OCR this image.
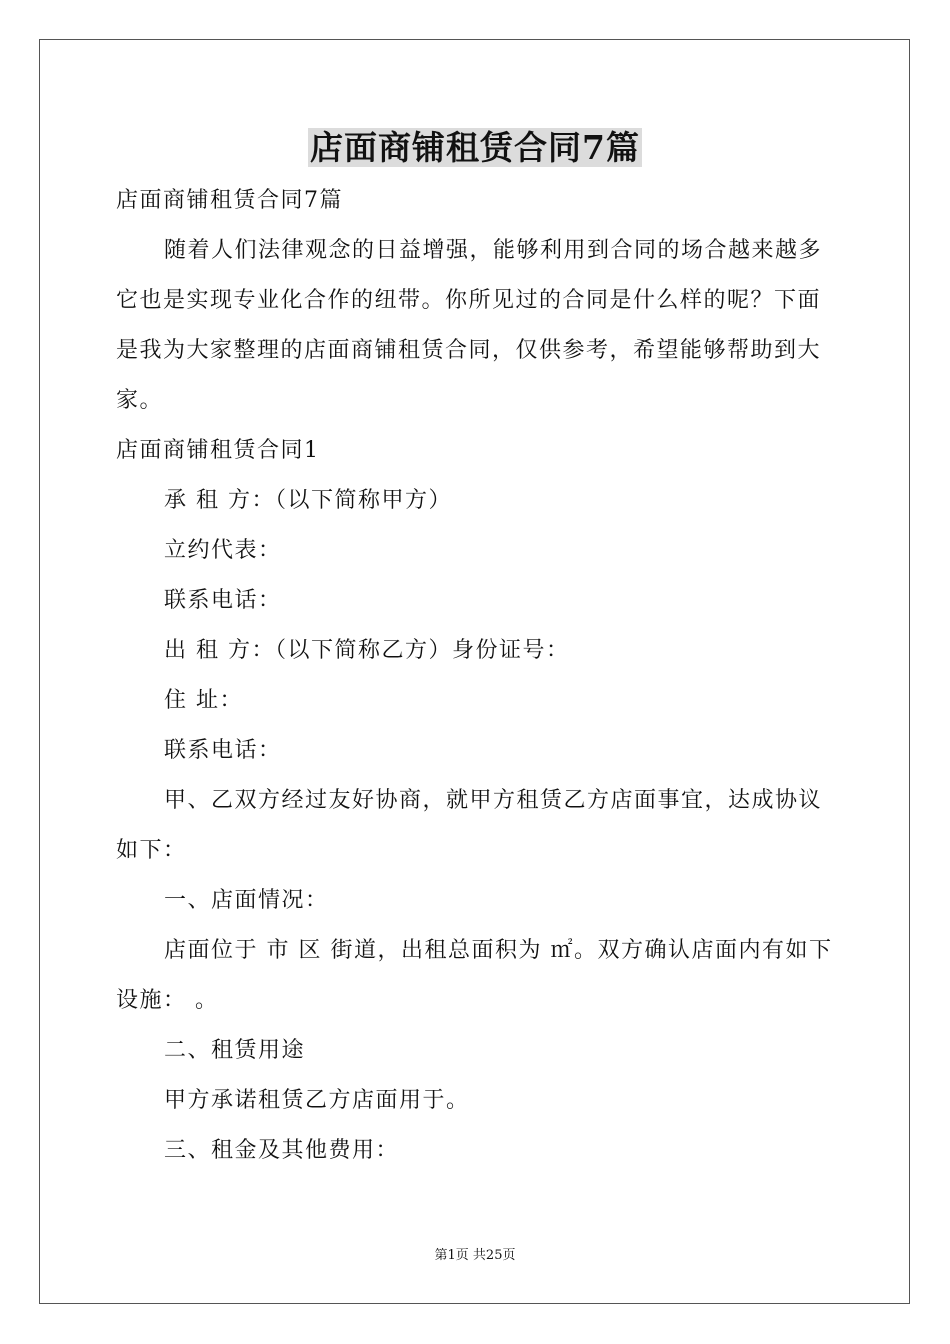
店面商铺租赁合同7篇

店面商铺租赁合同7篇

随着人们法律观念的日益增强，能够利用到合同的场合越来越多它也是实现专业化合作的纽带。你所见过的合同是什么样的呢？下面是我为大家整理的店面商铺租赁合同，仅供参考，希望能够帮助到大家。

店面商铺租赁合同1

承 租 方：（以下简称甲方）

立约代表：

联系电话：

出 租 方：（以下简称乙方）身份证号：

住 址：

联系电话：

甲、乙双方经过友好协商，就甲方租赁乙方店面事宜，达成协议如下：

一、店面情况：

店面位于 市 区 街道，出租总面积为 ㎡。双方确认店面内有如下设施： 。

二、租赁用途

甲方承诺租赁乙方店面用于。

三、租金及其他费用：

第1页 共25页
